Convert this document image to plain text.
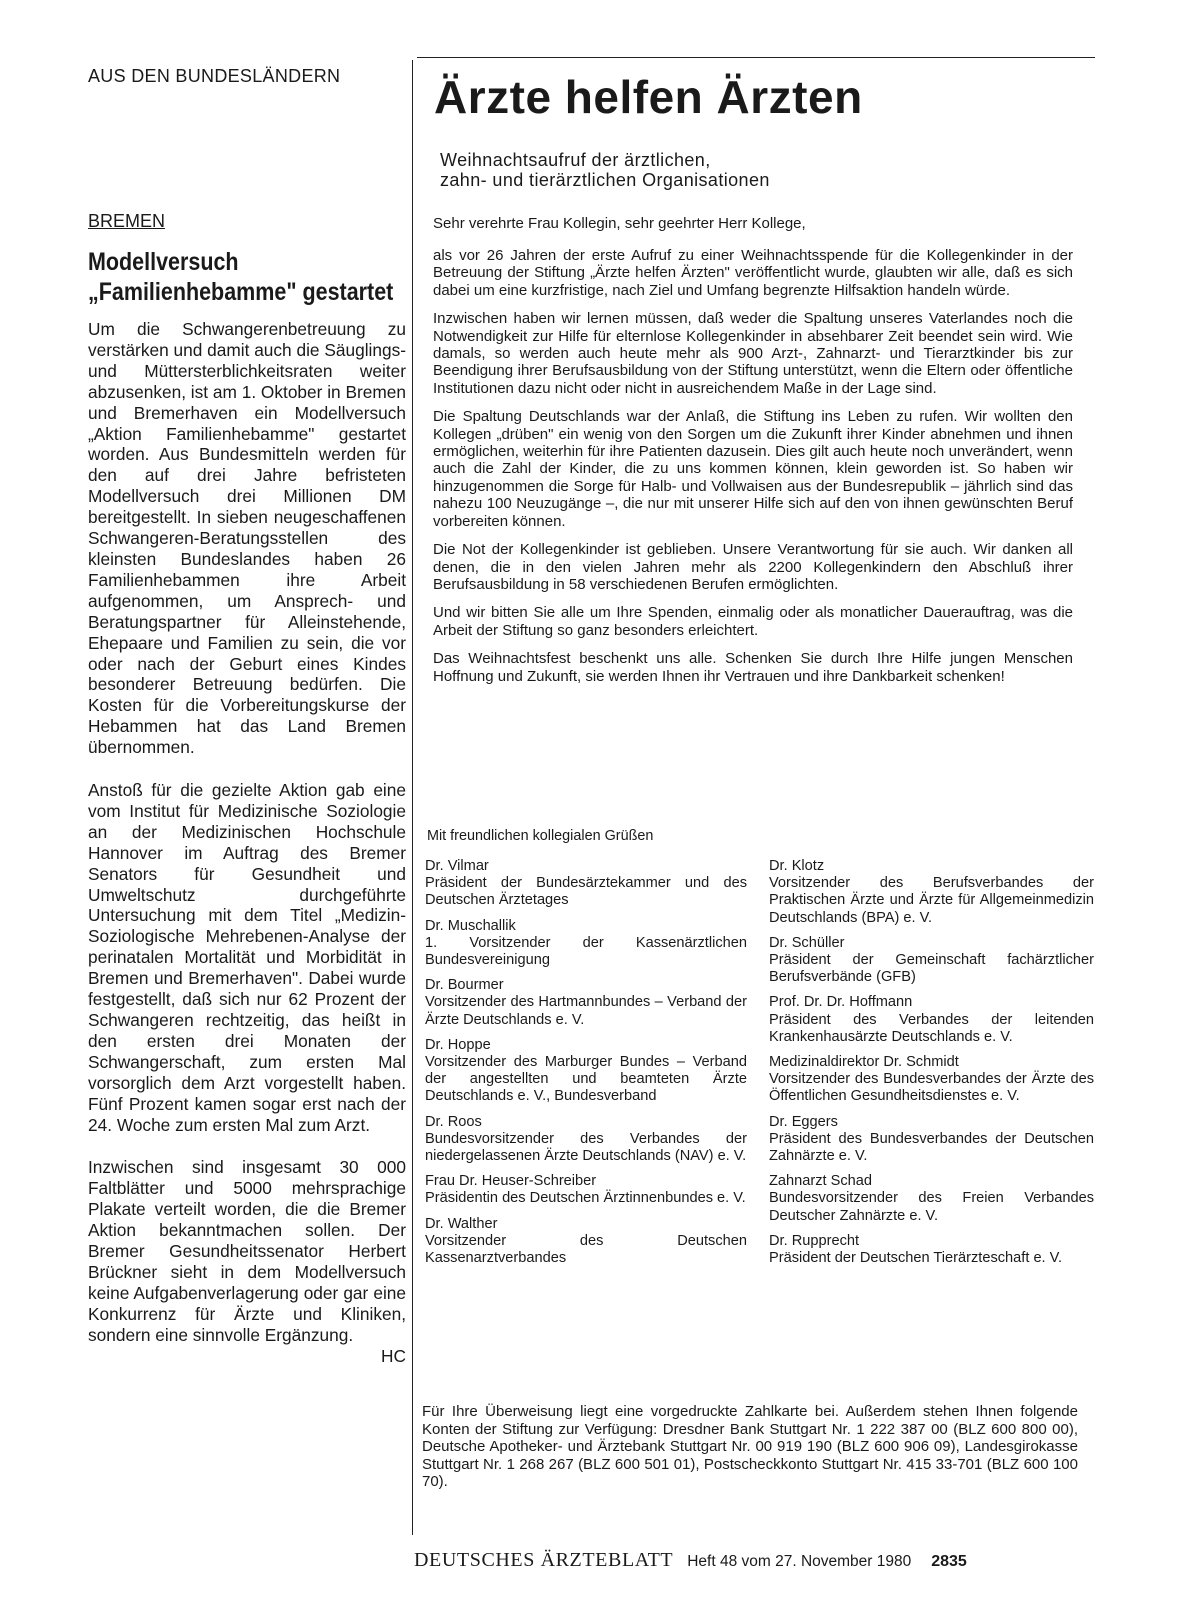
AUS DEN BUNDESLÄNDERN
BREMEN
Modellversuch „Familienhebamme" gestartet

Um die Schwangerenbetreuung zu verstärken und damit auch die Säuglings- und Müttersterblichkeitsraten weiter abzusenken, ist am 1. Oktober in Bremen und Bremerhaven ein Modellversuch „Aktion Familienhebamme" gestartet worden. Aus Bundesmitteln werden für den auf drei Jahre befristeten Modellversuch drei Millionen DM bereitgestellt. In sieben neugeschaffenen Schwangeren-Beratungsstellen des kleinsten Bundeslandes haben 26 Familienhebammen ihre Arbeit aufgenommen, um Ansprech- und Beratungspartner für Alleinstehende, Ehepaare und Familien zu sein, die vor oder nach der Geburt eines Kindes besonderer Betreuung bedürfen. Die Kosten für die Vorbereitungskurse der Hebammen hat das Land Bremen übernommen.

Anstoß für die gezielte Aktion gab eine vom Institut für Medizinische Soziologie an der Medizinischen Hochschule Hannover im Auftrag des Bremer Senators für Gesundheit und Umweltschutz durchgeführte Untersuchung mit dem Titel „Medizin-Soziologische Mehrebenen-Analyse der perinatalen Mortalität und Morbidität in Bremen und Bremerhaven". Dabei wurde festgestellt, daß sich nur 62 Prozent der Schwangeren rechtzeitig, das heißt in den ersten drei Monaten der Schwangerschaft, zum ersten Mal vorsorglich dem Arzt vorgestellt haben. Fünf Prozent kamen sogar erst nach der 24. Woche zum ersten Mal zum Arzt.

Inzwischen sind insgesamt 30 000 Faltblätter und 5000 mehrsprachige Plakate verteilt worden, die die Bremer Aktion bekanntmachen sollen. Der Bremer Gesundheitssenator Herbert Brückner sieht in dem Modellversuch keine Aufgabenverlagerung oder gar eine Konkurrenz für Ärzte und Kliniken, sondern eine sinnvolle Ergänzung.

HC
Ärzte helfen Ärzten
Weihnachtsaufruf der ärztlichen,
zahn- und tierärztlichen Organisationen

Sehr verehrte Frau Kollegin, sehr geehrter Herr Kollege,

als vor 26 Jahren der erste Aufruf zu einer Weihnachtsspende für die Kollegenkinder in der Betreuung der Stiftung „Ärzte helfen Ärzten" veröffentlicht wurde, glaubten wir alle, daß es sich dabei um eine kurzfristige, nach Ziel und Umfang begrenzte Hilfsaktion handeln würde.

Inzwischen haben wir lernen müssen, daß weder die Spaltung unseres Vaterlandes noch die Notwendigkeit zur Hilfe für elternlose Kollegenkinder in absehbarer Zeit beendet sein wird. Wie damals, so werden auch heute mehr als 900 Arzt-, Zahnarzt- und Tierarztkinder bis zur Beendigung ihrer Berufsausbildung von der Stiftung unterstützt, wenn die Eltern oder öffentliche Institutionen dazu nicht oder nicht in ausreichendem Maße in der Lage sind.

Die Spaltung Deutschlands war der Anlaß, die Stiftung ins Leben zu rufen. Wir wollten den Kollegen „drüben" ein wenig von den Sorgen um die Zukunft ihrer Kinder abnehmen und ihnen ermöglichen, weiterhin für ihre Patienten dazusein. Dies gilt auch heute noch unverändert, wenn auch die Zahl der Kinder, die zu uns kommen können, klein geworden ist. So haben wir hinzugenommen die Sorge für Halb- und Vollwaisen aus der Bundesrepublik – jährlich sind das nahezu 100 Neuzugänge –, die nur mit unserer Hilfe sich auf den von ihnen gewünschten Beruf vorbereiten können.

Die Not der Kollegenkinder ist geblieben. Unsere Verantwortung für sie auch. Wir danken all denen, die in den vielen Jahren mehr als 2200 Kollegenkindern den Abschluß ihrer Berufsausbildung in 58 verschiedenen Berufen ermöglichten.

Und wir bitten Sie alle um Ihre Spenden, einmalig oder als monatlicher Dauerauftrag, was die Arbeit der Stiftung so ganz besonders erleichtert.

Das Weihnachtsfest beschenkt uns alle. Schenken Sie durch Ihre Hilfe jungen Menschen Hoffnung und Zukunft, sie werden Ihnen ihr Vertrauen und ihre Dankbarkeit schenken!

Mit freundlichen kollegialen Grüßen
Dr. Vilmar
Präsident der Bundesärztekammer und des Deutschen Ärztetages
Dr. Muschallik
1. Vorsitzender der Kassenärztlichen Bundesvereinigung
Dr. Bourmer
Vorsitzender des Hartmannbundes – Verband der Ärzte Deutschlands e. V.
Dr. Hoppe
Vorsitzender des Marburger Bundes – Verband der angestellten und beamteten Ärzte Deutschlands e. V., Bundesverband
Dr. Roos
Bundesvorsitzender des Verbandes der niedergelassenen Ärzte Deutschlands (NAV) e. V.
Frau Dr. Heuser-Schreiber
Präsidentin des Deutschen Ärztinnenbundes e. V.
Dr. Walther
Vorsitzender des Deutschen Kassenarztverbandes
Dr. Klotz
Vorsitzender des Berufsverbandes der Praktischen Ärzte und Ärzte für Allgemeinmedizin Deutschlands (BPA) e. V.
Dr. Schüller
Präsident der Gemeinschaft fachärztlicher Berufsverbände (GFB)
Prof. Dr. Dr. Hoffmann
Präsident des Verbandes der leitenden Krankenhausärzte Deutschlands e. V.
Medizinaldirektor Dr. Schmidt
Vorsitzender des Bundesverbandes der Ärzte des Öffentlichen Gesundheitsdienstes e. V.
Dr. Eggers
Präsident des Bundesverbandes der Deutschen Zahnärzte e. V.
Zahnarzt Schad
Bundesvorsitzender des Freien Verbandes Deutscher Zahnärzte e. V.
Dr. Rupprecht
Präsident der Deutschen Tierärzteschaft e. V.
Für Ihre Überweisung liegt eine vorgedruckte Zahlkarte bei. Außerdem stehen Ihnen folgende Konten der Stiftung zur Verfügung: Dresdner Bank Stuttgart Nr. 1 222 387 00 (BLZ 600 800 00), Deutsche Apotheker- und Ärztebank Stuttgart Nr. 00 919 190 (BLZ 600 906 09), Landesgirokasse Stuttgart Nr. 1 268 267 (BLZ 600 501 01), Postscheckkonto Stuttgart Nr. 415 33-701 (BLZ 600 100 70).
DEUTSCHES ÄRZTEBLATT Heft 48 vom 27. November 1980 2835
